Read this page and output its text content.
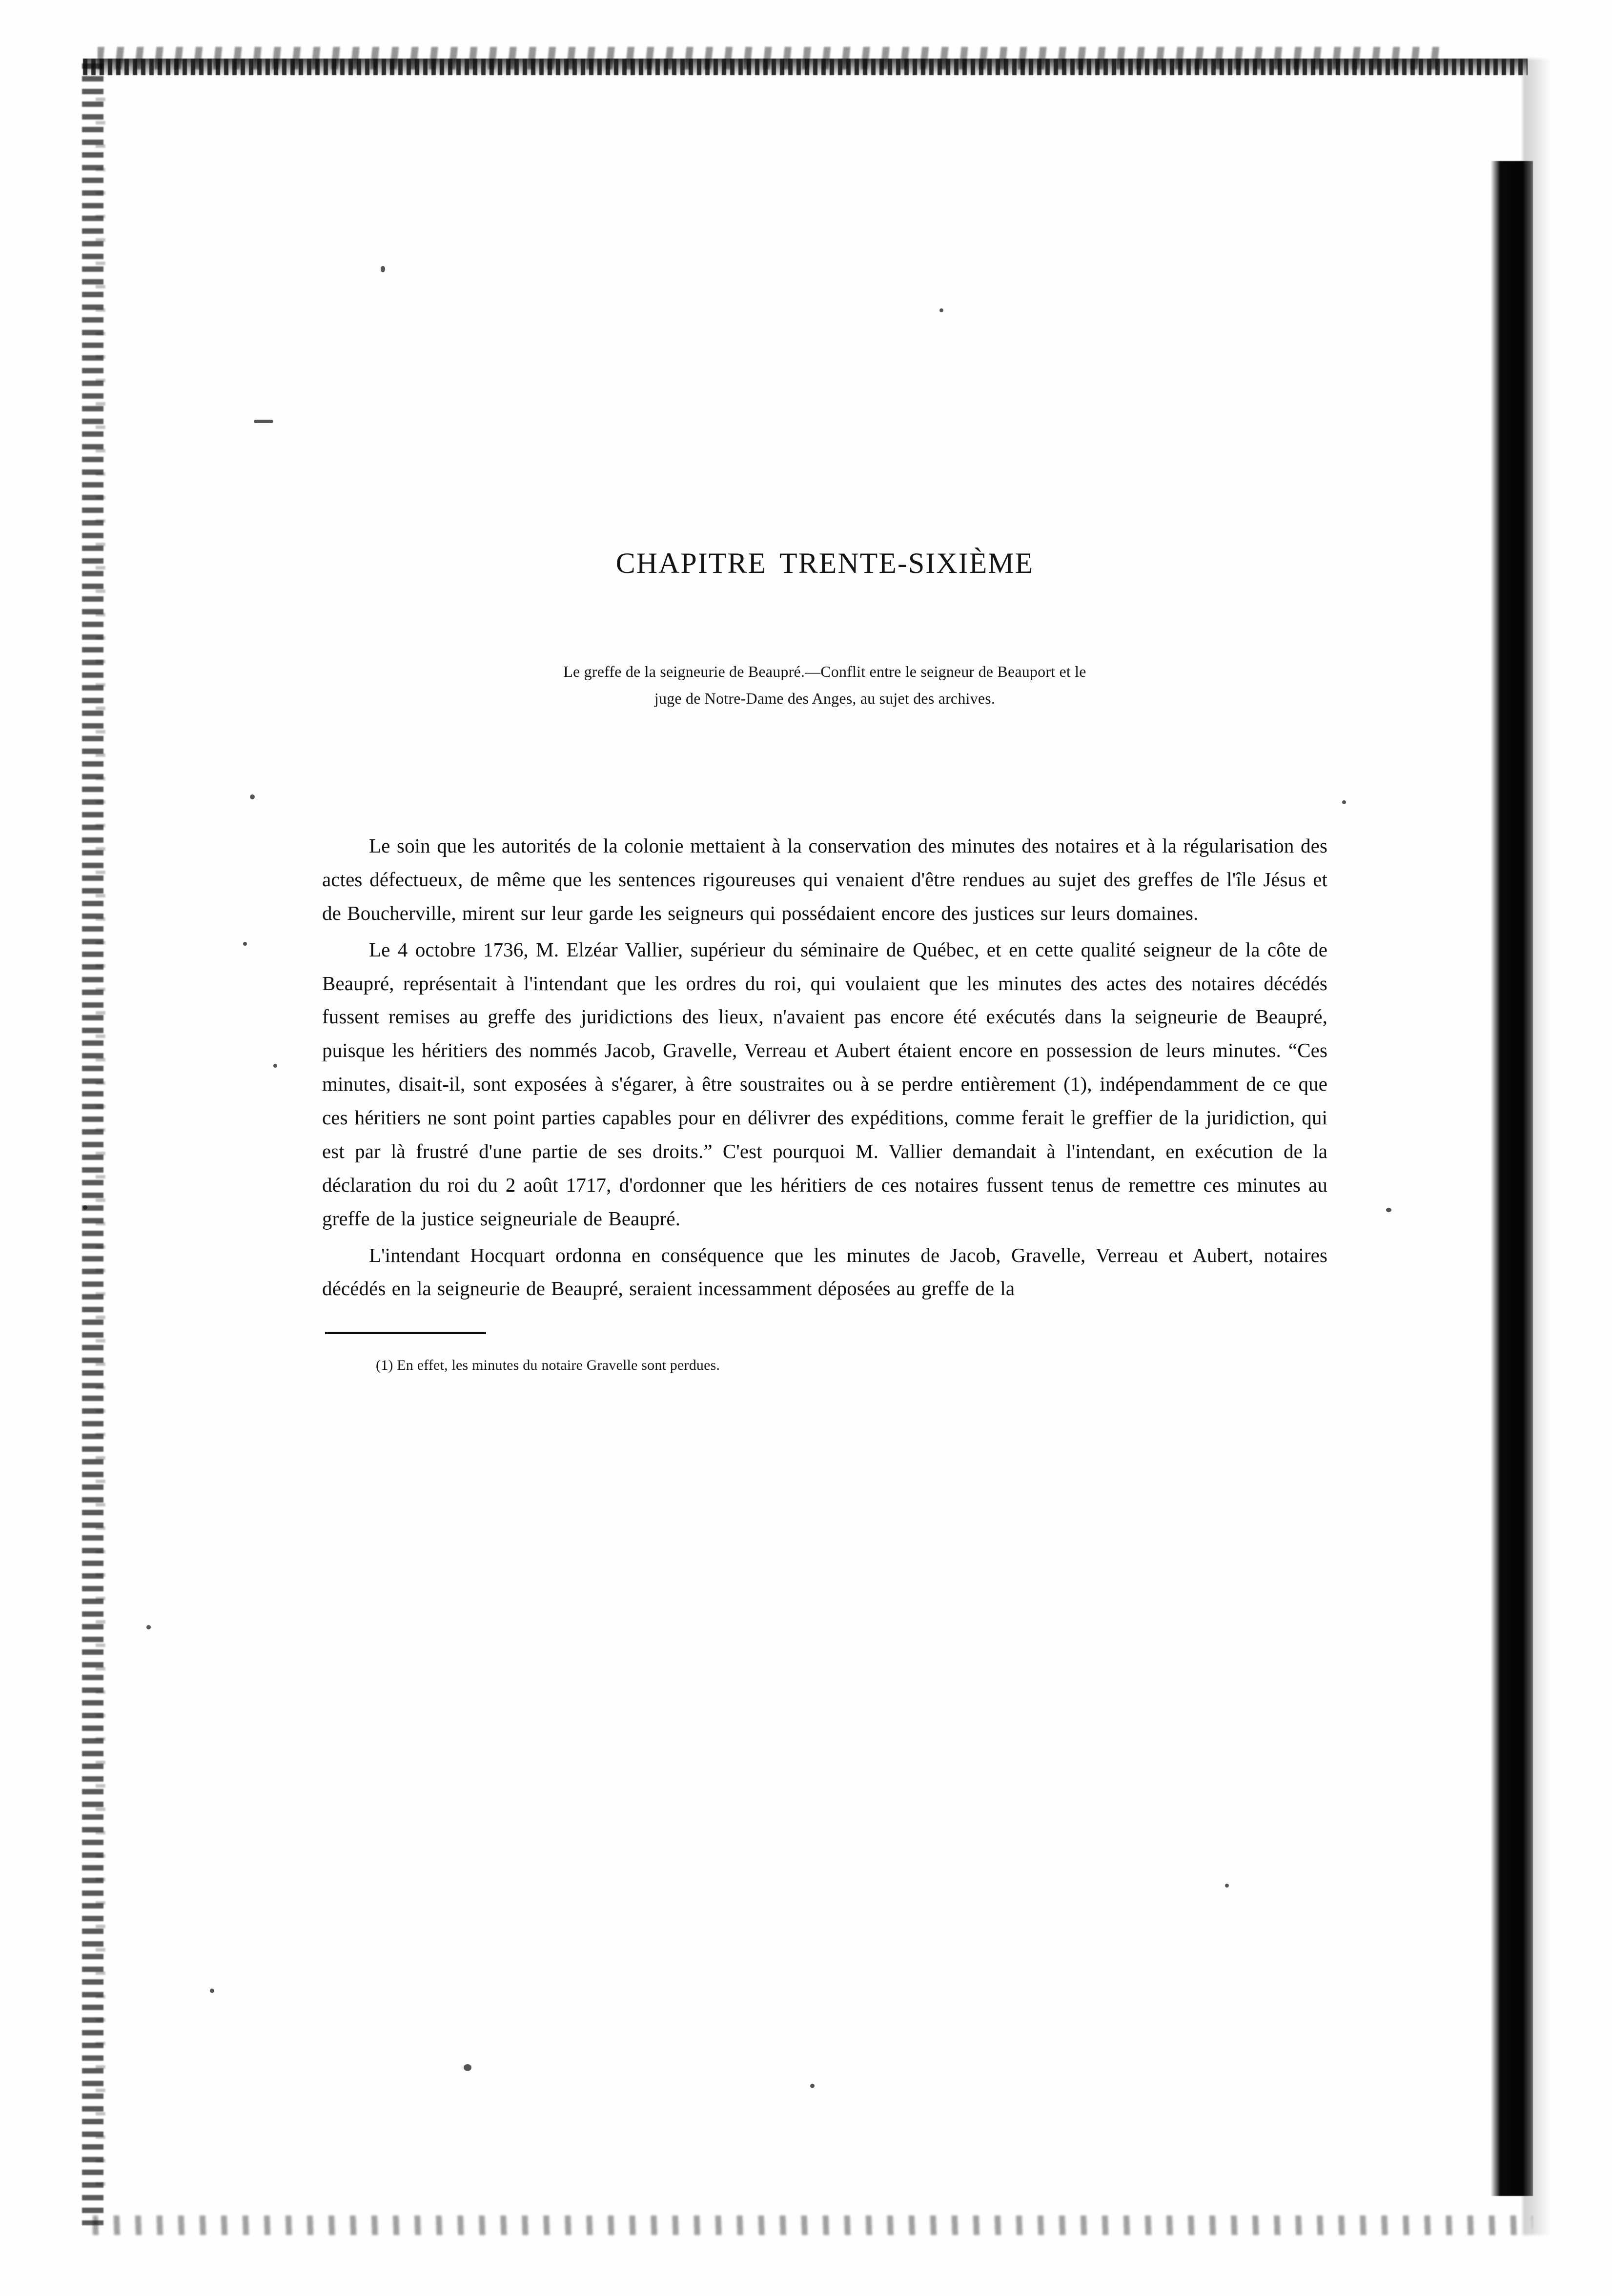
CHAPITRE TRENTE-SIXIÈME
Le greffe de la seigneurie de Beaupré.—Conflit entre le seigneur de Beauport et le
juge de Notre-Dame des Anges, au sujet des archives.

Le soin que les autorités de la colonie mettaient à la conservation des minutes des notaires et à la régularisation des actes défectueux, de même que les sentences rigoureuses qui venaient d'être rendues au sujet des greffes de l'île Jésus et de Boucherville, mirent sur leur garde les seigneurs qui possédaient encore des justices sur leurs domaines.

Le 4 octobre 1736, M. Elzéar Vallier, supérieur du séminaire de Québec, et en cette qualité seigneur de la côte de Beaupré, représentait à l'intendant que les ordres du roi, qui voulaient que les minutes des actes des notaires décédés fussent remises au greffe des juridictions des lieux, n'avaient pas encore été exécutés dans la seigneurie de Beaupré, puisque les héritiers des nommés Jacob, Gravelle, Verreau et Aubert étaient encore en possession de leurs minutes. “Ces minutes, disait-il, sont exposées à s'égarer, à être soustraites ou à se perdre entièrement (1), indépendamment de ce que ces héritiers ne sont point parties capables pour en délivrer des expéditions, comme ferait le greffier de la juridiction, qui est par là frustré d'une partie de ses droits.” C'est pourquoi M. Vallier demandait à l'intendant, en exécution de la déclaration du roi du 2 août 1717, d'ordonner que les héritiers de ces notaires fussent tenus de remettre ces minutes au greffe de la justice seigneuriale de Beaupré.

L'intendant Hocquart ordonna en conséquence que les minutes de Jacob, Gravelle, Verreau et Aubert, notaires décédés en la seigneurie de Beaupré, seraient incessamment déposées au greffe de la

(1) En effet, les minutes du notaire Gravelle sont perdues.
